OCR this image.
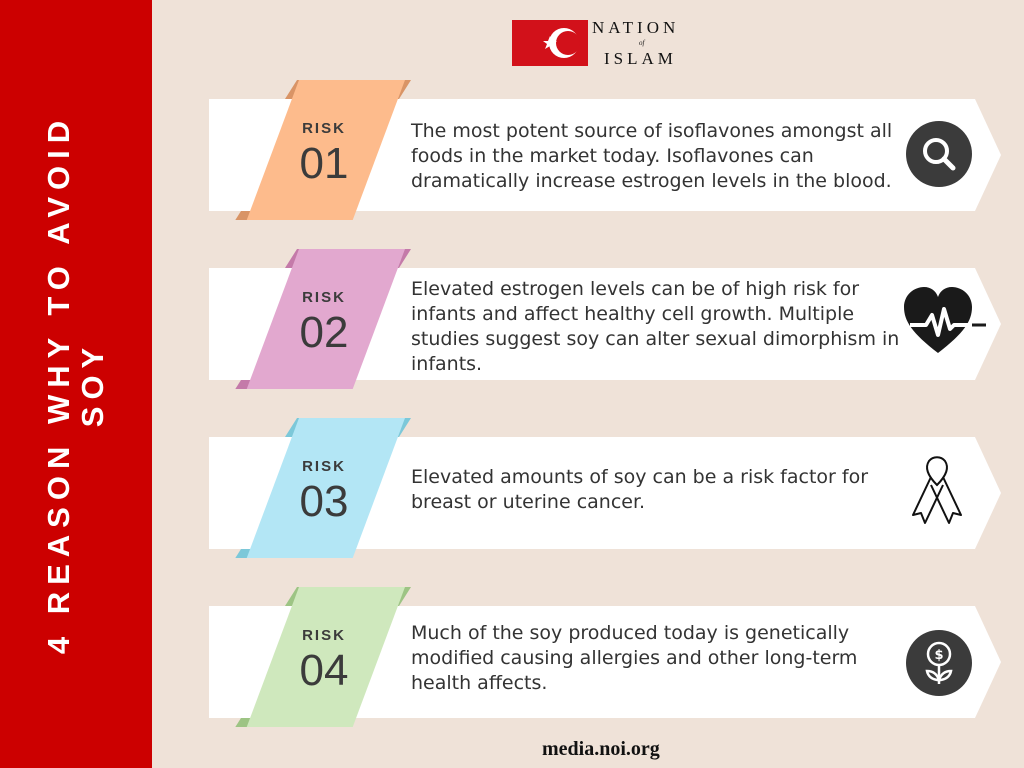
4 REASON WHY TO AVOID SOY
NATION
of
ISLAM
RISK
01
The most potent source of isoflavones amongst all foods in the market today. Isoflavones can dramatically increase estrogen levels in the blood.
RISK
02
Elevated estrogen levels can be of high risk for infants and affect healthy cell growth. Multiple studies suggest soy can alter sexual dimorphism in infants.
RISK
03	Elevated amounts of soy can be a risk factor for breast or uterine cancer.
RISK
04
Much of the soy produced today is genetically modified causing allergies and other long-term health affects.
$
media.noi.org
